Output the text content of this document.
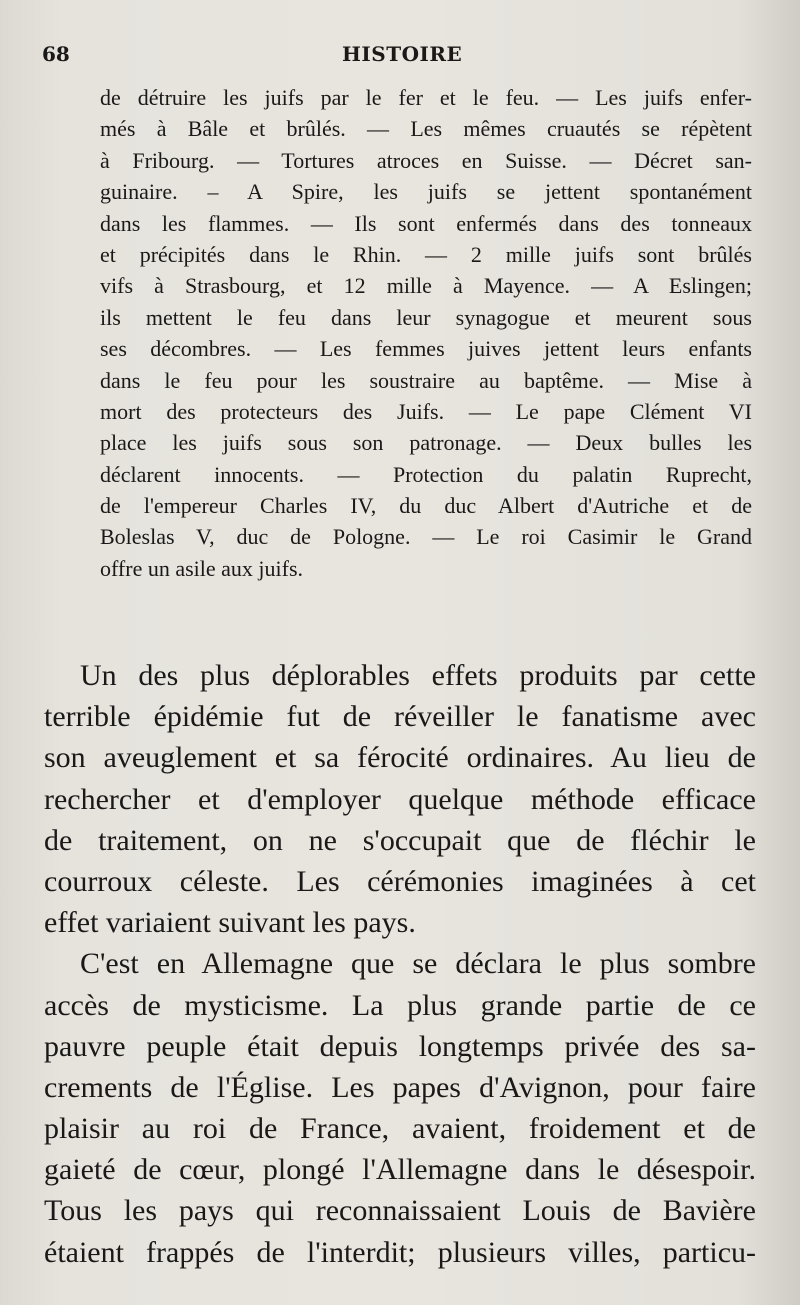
68	HISTOIRE
de détruire les juifs par le fer et le feu. — Les juifs enfer-
més à Bâle et brûlés. — Les mêmes cruautés se répètent
à Fribourg. — Tortures atroces en Suisse. — Décret san-
guinaire. – A Spire, les juifs se jettent spontanément
dans les flammes. — Ils sont enfermés dans des tonneaux
et précipités dans le Rhin. — 2 mille juifs sont brûlés
vifs à Strasbourg, et 12 mille à Mayence. — A Eslingen;
ils mettent le feu dans leur synagogue et meurent sous
ses décombres. — Les femmes juives jettent leurs enfants
dans le feu pour les soustraire au baptême. — Mise à
mort des protecteurs des Juifs. — Le pape Clément VI
place les juifs sous son patronage. — Deux bulles les
déclarent innocents. — Protection du palatin Ruprecht,
de l'empereur Charles IV, du duc Albert d'Autriche et de
Boleslas V, duc de Pologne. — Le roi Casimir le Grand
offre un asile aux juifs.
Un des plus déplorables effets produits par cette
terrible épidémie fut de réveiller le fanatisme avec
son aveuglement et sa férocité ordinaires. Au lieu de
rechercher et d'employer quelque méthode efficace
de traitement, on ne s'occupait que de fléchir le
courroux céleste. Les cérémonies imaginées à cet
effet variaient suivant les pays.
C'est en Allemagne que se déclara le plus sombre
accès de mysticisme. La plus grande partie de ce
pauvre peuple était depuis longtemps privée des sa-
crements de l'Église. Les papes d'Avignon, pour faire
plaisir au roi de France, avaient, froidement et de
gaieté de cœur, plongé l'Allemagne dans le désespoir.
Tous les pays qui reconnaissaient Louis de Bavière
étaient frappés de l'interdit; plusieurs villes, particu-
